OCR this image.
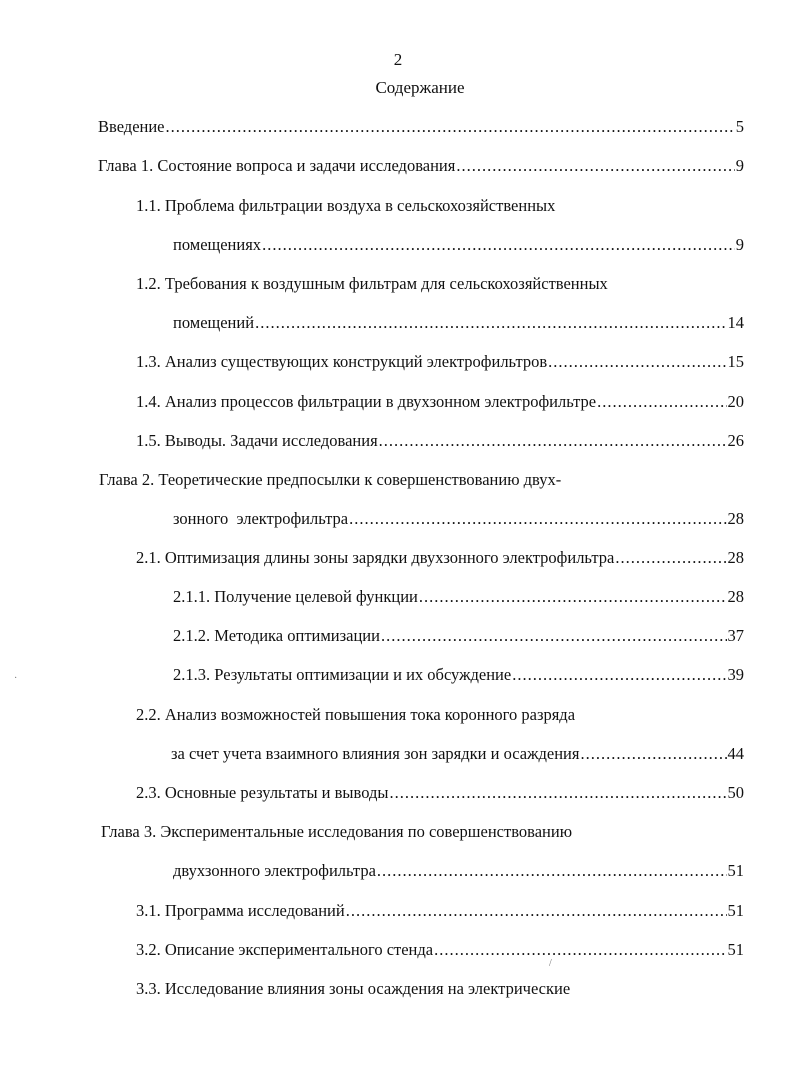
2
Содержание
Введение .....	5
Глава 1. Состояние вопроса и задачи исследования .....	9
1.1. Проблема фильтрации воздуха в сельскохозяйственных
помещениях .....	9
1.2. Требования к воздушным фильтрам для сельскохозяйственных
помещений .....	14
1.3. Анализ существующих конструкций электрофильтров .....	15
1.4. Анализ процессов фильтрации в двухзонном электрофильтре .....	20
1.5. Выводы. Задачи исследования .....	26
Глава 2. Теоретические предпосылки к совершенствованию двух-
зонного  электрофильтра .....	28
2.1. Оптимизация длины зоны зарядки двухзонного электрофильтра .....	28
2.1.1. Получение целевой функции .....	28
2.1.2. Методика оптимизации .....	37
2.1.3. Результаты оптимизации и их обсуждение .....	39
2.2. Анализ возможностей повышения тока коронного разряда
за счет учета взаимного влияния зон зарядки и осаждения .....	44
2.3. Основные результаты и выводы .....	50
Глава 3. Экспериментальные исследования по совершенствованию
двухзонного электрофильтра .....	51
3.1. Программа исследований .....	51
3.2. Описание экспериментального стенда .....	51
3.3. Исследование влияния зоны осаждения на электрические
·
/
